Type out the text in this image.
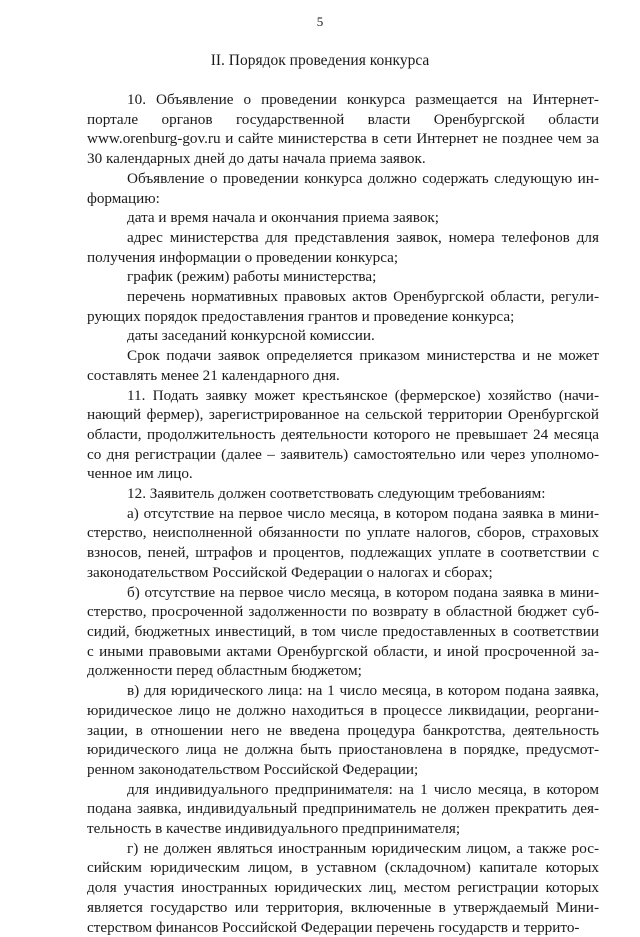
5
II. Порядок проведения конкурса

10. Объявление о проведении конкурса размещается на Интернет-портале органов государственной власти Оренбургской области www.orenburg-gov.ru и сайте министерства в сети Интернет не позднее чем за 30 календарных дней до даты начала приема заявок.

Объявление о проведении конкурса должно содержать следующую информацию:

дата и время начала и окончания приема заявок;

адрес министерства для представления заявок, номера телефонов для получения информации о проведении конкурса;

график (режим) работы министерства;

перечень нормативных правовых актов Оренбургской области, регулирующих порядок предоставления грантов и проведение конкурса;

даты заседаний конкурсной комиссии.

Срок подачи заявок определяется приказом министерства и не может составлять менее 21 календарного дня.

11. Подать заявку может крестьянское (фермерское) хозяйство (начинающий фермер), зарегистрированное на сельской территории Оренбургской области, продолжительность деятельности которого не превышает 24 месяца со дня регистрации (далее – заявитель) самостоятельно или через уполномоченное им лицо.

12. Заявитель должен соответствовать следующим требованиям:

а) отсутствие на первое число месяца, в котором подана заявка в министерство, неисполненной обязанности по уплате налогов, сборов, страховых взносов, пеней, штрафов и процентов, подлежащих уплате в соответствии с законодательством Российской Федерации о налогах и сборах;

б) отсутствие на первое число месяца, в котором подана заявка в министерство, просроченной задолженности по возврату в областной бюджет субсидий, бюджетных инвестиций, в том числе предоставленных в соответствии с иными правовыми актами Оренбургской области, и иной просроченной задолженности перед областным бюджетом;

в) для юридического лица: на 1 число месяца, в котором подана заявка, юридическое лицо не должно находиться в процессе ликвидации, реорганизации, в отношении него не введена процедура банкротства, деятельность юридического лица не должна быть приостановлена в порядке, предусмотренном законодательством Российской Федерации;

для индивидуального предпринимателя: на 1 число месяца, в котором подана заявка, индивидуальный предприниматель не должен прекратить деятельность в качестве индивидуального предпринимателя;

г) не должен являться иностранным юридическим лицом, а также российским юридическим лицом, в уставном (складочном) капитале которых доля участия иностранных юридических лиц, местом регистрации которых является государство или территория, включенные в утверждаемый Министерством финансов Российской Федерации перечень государств и террито-
